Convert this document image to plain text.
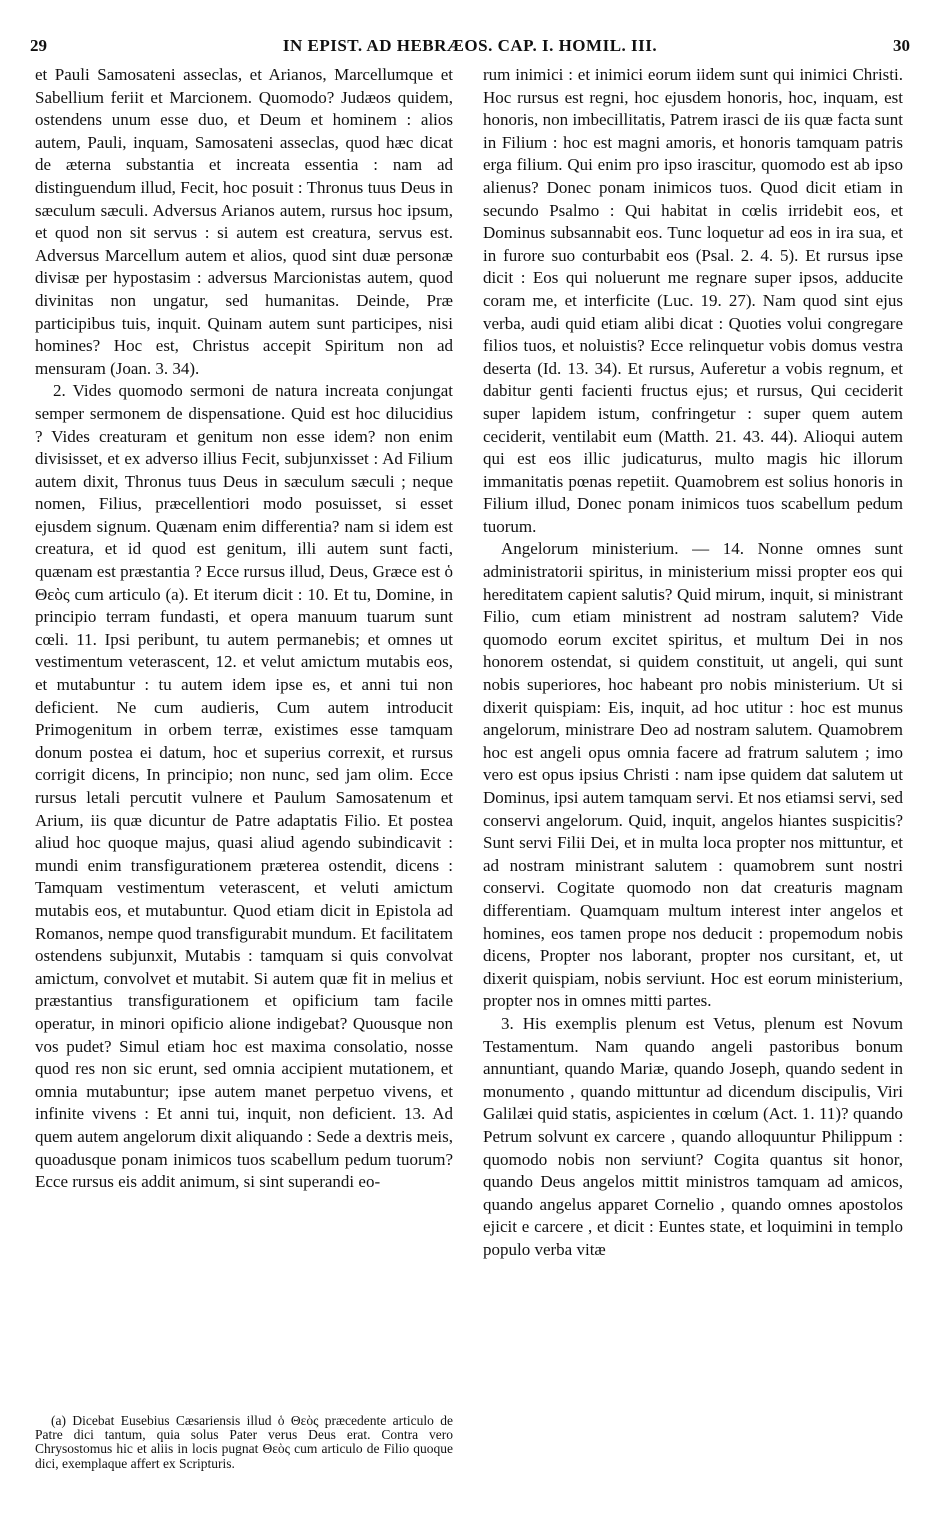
29	IN EPIST. AD HEBRÆOS. CAP. I. HOMIL. III.	30

et Pauli Samosateni asseclas, et Arianos, Marcellumque et Sabellium feriit et Marcionem. Quomodo? Judæos quidem, ostendens unum esse duo, et Deum et hominem : alios autem, Pauli, inquam, Samosateni asseclas, quod hæc dicat de æterna substantia et increata essentia : nam ad distinguendum illud, Fecit, hoc posuit : Thronus tuus Deus in sæculum sæculi. Adversus Arianos autem, rursus hoc ipsum, et quod non sit servus : si autem est creatura, servus est. Adversus Marcellum autem et alios, quod sint duæ personæ divisæ per hypostasim : adversus Marcionistas autem, quod divinitas non ungatur, sed humanitas. Deinde, Præ participibus tuis, inquit. Quinam autem sunt participes, nisi homines? Hoc est, Christus accepit Spiritum non ad mensuram (Joan. 3. 34).

2. Vides quomodo sermoni de natura increata conjungat semper sermonem de dispensatione. Quid est hoc dilucidius ? Vides creaturam et genitum non esse idem? non enim divisisset, et ex adverso illius Fecit, subjunxisset : Ad Filium autem dixit, Thronus tuus Deus in sæculum sæculi ; neque nomen, Filius, præcellentiori modo posuisset, si esset ejusdem signum. Quænam enim differentia? nam si idem est creatura, et id quod est genitum, illi autem sunt facti, quænam est præstantia ? Ecce rursus illud, Deus, Græce est ὁ Θεὸς cum articulo (a). Et iterum dicit : 10. Et tu, Domine, in principio terram fundasti, et opera manuum tuarum sunt cœli. 11. Ipsi peribunt, tu autem permanebis; et omnes ut vestimentum veterascent, 12. et velut amictum mutabis eos, et mutabuntur : tu autem idem ipse es, et anni tui non deficient. Ne cum audieris, Cum autem introducit Primogenitum in orbem terræ, existimes esse tamquam donum postea ei datum, hoc et superius correxit, et rursus corrigit dicens, In principio; non nunc, sed jam olim. Ecce rursus letali percutit vulnere et Paulum Samosatenum et Arium, iis quæ dicuntur de Patre adaptatis Filio. Et postea aliud hoc quoque majus, quasi aliud agendo subindicavit : mundi enim transfigurationem præterea ostendit, dicens : Tamquam vestimentum veterascent, et veluti amictum mutabis eos, et mutabuntur. Quod etiam dicit in Epistola ad Romanos, nempe quod transfigurabit mundum. Et facilitatem ostendens subjunxit, Mutabis : tamquam si quis convolvat amictum, convolvet et mutabit. Si autem quæ fit in melius et præstantius transfigurationem et opificium tam facile operatur, in minori opificio alione indigebat? Quousque non vos pudet? Simul etiam hoc est maxima consolatio, nosse quod res non sic erunt, sed omnia accipient mutationem, et omnia mutabuntur; ipse autem manet perpetuo vivens, et infinite vivens : Et anni tui, inquit, non deficient. 13. Ad quem autem angelorum dixit aliquando : Sede a dextris meis, quoadusque ponam inimicos tuos scabellum pedum tuorum? Ecce rursus eis addit animum, si sint superandi eo-

rum inimici : et inimici eorum iidem sunt qui inimici Christi. Hoc rursus est regni, hoc ejusdem honoris, hoc, inquam, est honoris, non imbecillitatis, Patrem irasci de iis quæ facta sunt in Filium : hoc est magni amoris, et honoris tamquam patris erga filium. Qui enim pro ipso irascitur, quomodo est ab ipso alienus? Donec ponam inimicos tuos. Quod dicit etiam in secundo Psalmo : Qui habitat in cœlis irridebit eos, et Dominus subsannabit eos. Tunc loquetur ad eos in ira sua, et in furore suo conturbabit eos (Psal. 2. 4. 5). Et rursus ipse dicit : Eos qui noluerunt me regnare super ipsos, adducite coram me, et interficite (Luc. 19. 27). Nam quod sint ejus verba, audi quid etiam alibi dicat : Quoties volui congregare filios tuos, et noluistis? Ecce relinquetur vobis domus vestra deserta (Id. 13. 34). Et rursus, Auferetur a vobis regnum, et dabitur genti facienti fructus ejus; et rursus, Qui ceciderit super lapidem istum, confringetur : super quem autem ceciderit, ventilabit eum (Matth. 21. 43. 44). Alioqui autem qui est eos illic judicaturus, multo magis hic illorum immanitatis pœnas repetiit. Quamobrem est solius honoris in Filium illud, Donec ponam inimicos tuos scabellum pedum tuorum.

Angelorum ministerium. — 14. Nonne omnes sunt administratorii spiritus, in ministerium missi propter eos qui hereditatem capient salutis? Quid mirum, inquit, si ministrant Filio, cum etiam ministrent ad nostram salutem? Vide quomodo eorum excitet spiritus, et multum Dei in nos honorem ostendat, si quidem constituit, ut angeli, qui sunt nobis superiores, hoc habeant pro nobis ministerium. Ut si dixerit quispiam: Eis, inquit, ad hoc utitur : hoc est munus angelorum, ministrare Deo ad nostram salutem. Quamobrem hoc est angeli opus omnia facere ad fratrum salutem ; imo vero est opus ipsius Christi : nam ipse quidem dat salutem ut Dominus, ipsi autem tamquam servi. Et nos etiamsi servi, sed conservi angelorum. Quid, inquit, angelos hiantes suspicitis? Sunt servi Filii Dei, et in multa loca propter nos mittuntur, et ad nostram ministrant salutem : quamobrem sunt nostri conservi. Cogitate quomodo non dat creaturis magnam differentiam. Quamquam multum interest inter angelos et homines, eos tamen prope nos deducit : propemodum nobis dicens, Propter nos laborant, propter nos cursitant, et, ut dixerit quispiam, nobis serviunt. Hoc est eorum ministerium, propter nos in omnes mitti partes.

3. His exemplis plenum est Vetus, plenum est Novum Testamentum. Nam quando angeli pastoribus bonum annuntiant, quando Mariæ, quando Joseph, quando sedent in monumento , quando mittuntur ad dicendum discipulis, Viri Galilæi quid statis, aspicientes in cœlum (Act. 1. 11)? quando Petrum solvunt ex carcere , quando alloquuntur Philippum : quomodo nobis non serviunt? Cogita quantus sit honor, quando Deus angelos mittit ministros tamquam ad amicos, quando angelus apparet Cornelio , quando omnes apostolos ejicit e carcere , et dicit : Euntes state, et loquimini in templo populo verba vitæ

(a) Dicebat Eusebius Cæsariensis illud ὁ Θεὸς præcedente articulo de Patre dici tantum, quia solus Pater verus Deus erat. Contra vero Chrysostomus hic et aliis in locis pugnat Θεὸς cum articulo de Filio quoque dici, exemplaque affert ex Scripturis.
